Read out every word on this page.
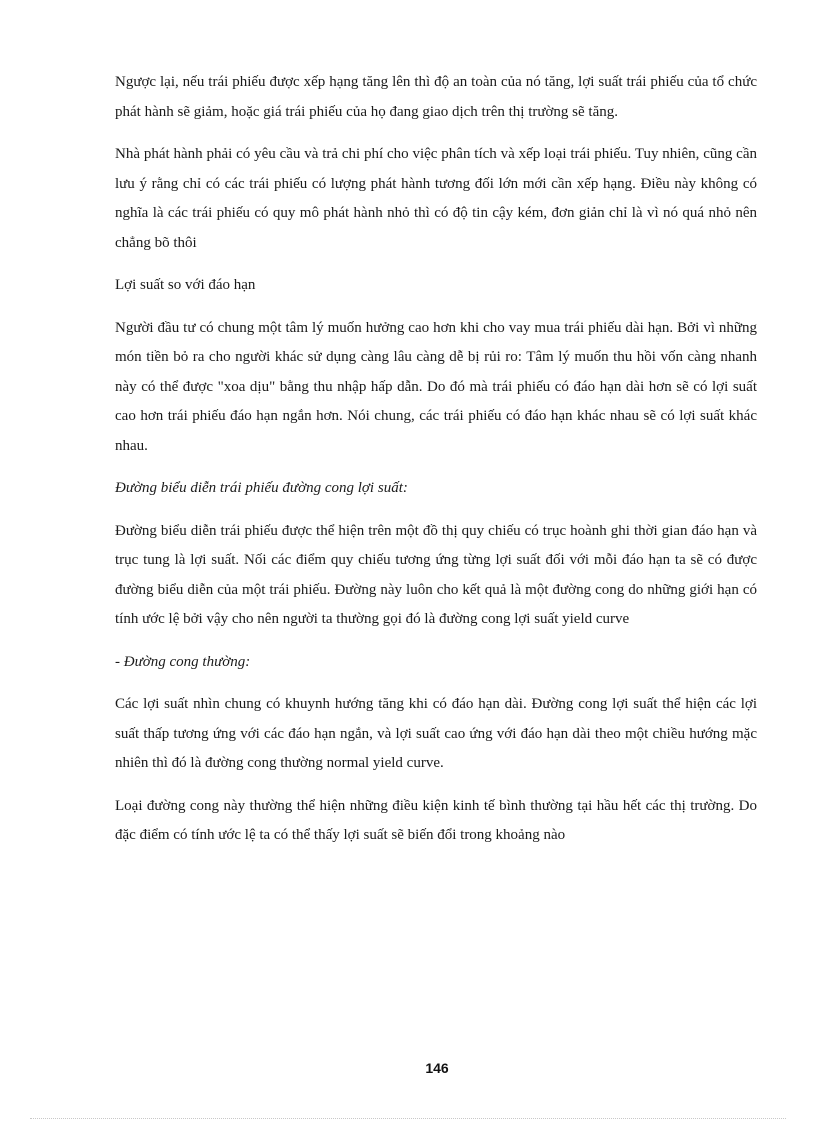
Ngược lại, nếu trái phiếu được xếp hạng tăng lên thì độ an toàn của nó tăng, lợi suất trái phiếu của tổ chức phát hành sẽ giảm, hoặc giá trái phiếu của họ đang giao dịch trên thị trường sẽ tăng.

Nhà phát hành phải có yêu cầu và trả chi phí cho việc phân tích và xếp loại trái phiếu. Tuy nhiên, cũng cần lưu ý rằng chỉ có các trái phiếu có lượng phát hành tương đối lớn mới cần xếp hạng. Điều này không có nghĩa là các trái phiếu có quy mô phát hành nhỏ thì có độ tin cậy kém, đơn giản chỉ là vì nó quá nhỏ nên chẳng bõ thôi

Lợi suất so với đáo hạn

Người đầu tư có chung một tâm lý muốn hưởng cao hơn khi cho vay mua trái phiếu dài hạn. Bởi vì những món tiền bỏ ra cho người khác sử dụng càng lâu càng dễ bị rủi ro: Tâm lý muốn thu hồi vốn càng nhanh này có thể được "xoa dịu" bằng thu nhập hấp dẫn. Do đó mà trái phiếu có đáo hạn dài hơn sẽ có lợi suất cao hơn trái phiếu đáo hạn ngắn hơn. Nói chung, các trái phiếu có đáo hạn khác nhau sẽ có lợi suất khác nhau.

Đường biểu diễn trái phiếu đường cong lợi suất:

Đường biểu diễn trái phiếu được thể hiện trên một đồ thị quy chiếu có trục hoành ghi thời gian đáo hạn và trục tung là lợi suất. Nối các điểm quy chiếu tương ứng từng lợi suất đối với mỗi đáo hạn ta sẽ có được đường biểu diễn của một trái phiếu. Đường này luôn cho kết quả là một đường cong do những giới hạn có tính ước lệ bởi vậy cho nên người ta thường gọi đó là đường cong lợi suất yield curve

- Đường cong thường:

Các lợi suất nhìn chung có khuynh hướng tăng khi có đáo hạn dài. Đường cong lợi suất thể hiện các lợi suất thấp tương ứng với các đáo hạn ngắn, và lợi suất cao ứng với đáo hạn dài theo một chiều hướng mặc nhiên thì đó là đường cong thường normal yield curve.

Loại đường cong này thường thể hiện những điều kiện kinh tế bình thường tại hầu hết các thị trường. Do đặc điểm có tính ước lệ ta có thể thấy lợi suất sẽ biến đổi trong khoảng nào

146
